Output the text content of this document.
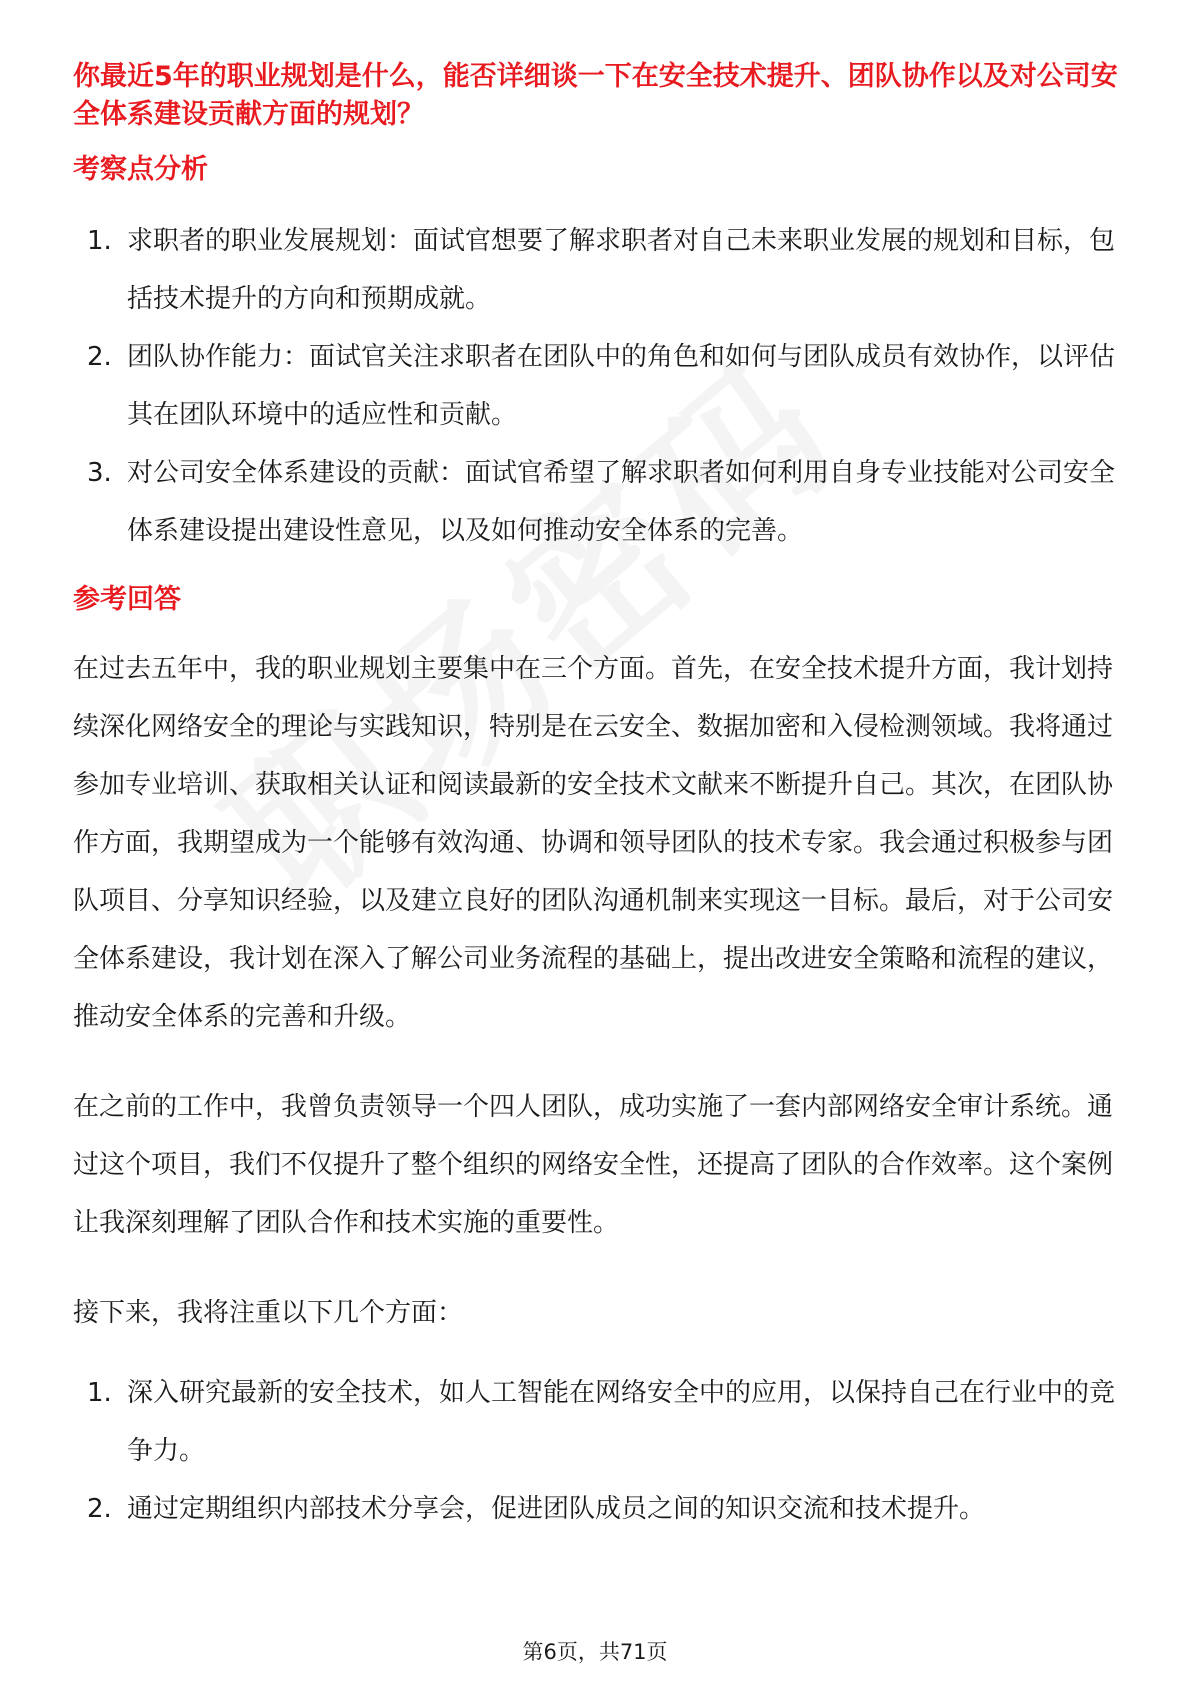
你最近5年的职业规划是什么，能否详细谈一下在安全技术提升、团队协作以及对公司安全体系建设贡献方面的规划？

考察点分析

1. 求职者的职业发展规划：面试官想要了解求职者对自己未来职业发展的规划和目标，包括技术提升的方向和预期成就。
2. 团队协作能力：面试官关注求职者在团队中的角色和如何与团队成员有效协作，以评估其在团队环境中的适应性和贡献。
3. 对公司安全体系建设的贡献：面试官希望了解求职者如何利用自身专业技能对公司安全体系建设提出建设性意见，以及如何推动安全体系的完善。

参考回答

在过去五年中，我的职业规划主要集中在三个方面。首先，在安全技术提升方面，我计划持续深化网络安全的理论与实践知识，特别是在云安全、数据加密和入侵检测领域。我将通过参加专业培训、获取相关认证和阅读最新的安全技术文献来不断提升自己。其次，在团队协作方面，我期望成为一个能够有效沟通、协调和领导团队的技术专家。我会通过积极参与团队项目、分享知识经验，以及建立良好的团队沟通机制来实现这一目标。最后，对于公司安全体系建设，我计划在深入了解公司业务流程的基础上，提出改进安全策略和流程的建议，推动安全体系的完善和升级。

在之前的工作中，我曾负责领导一个四人团队，成功实施了一套内部网络安全审计系统。通过这个项目，我们不仅提升了整个组织的网络安全性，还提高了团队的合作效率。这个案例让我深刻理解了团队合作和技术实施的重要性。

接下来，我将注重以下几个方面：

1. 深入研究最新的安全技术，如人工智能在网络安全中的应用，以保持自己在行业中的竞争力。
2. 通过定期组织内部技术分享会，促进团队成员之间的知识交流和技术提升。
第6页，共71页
